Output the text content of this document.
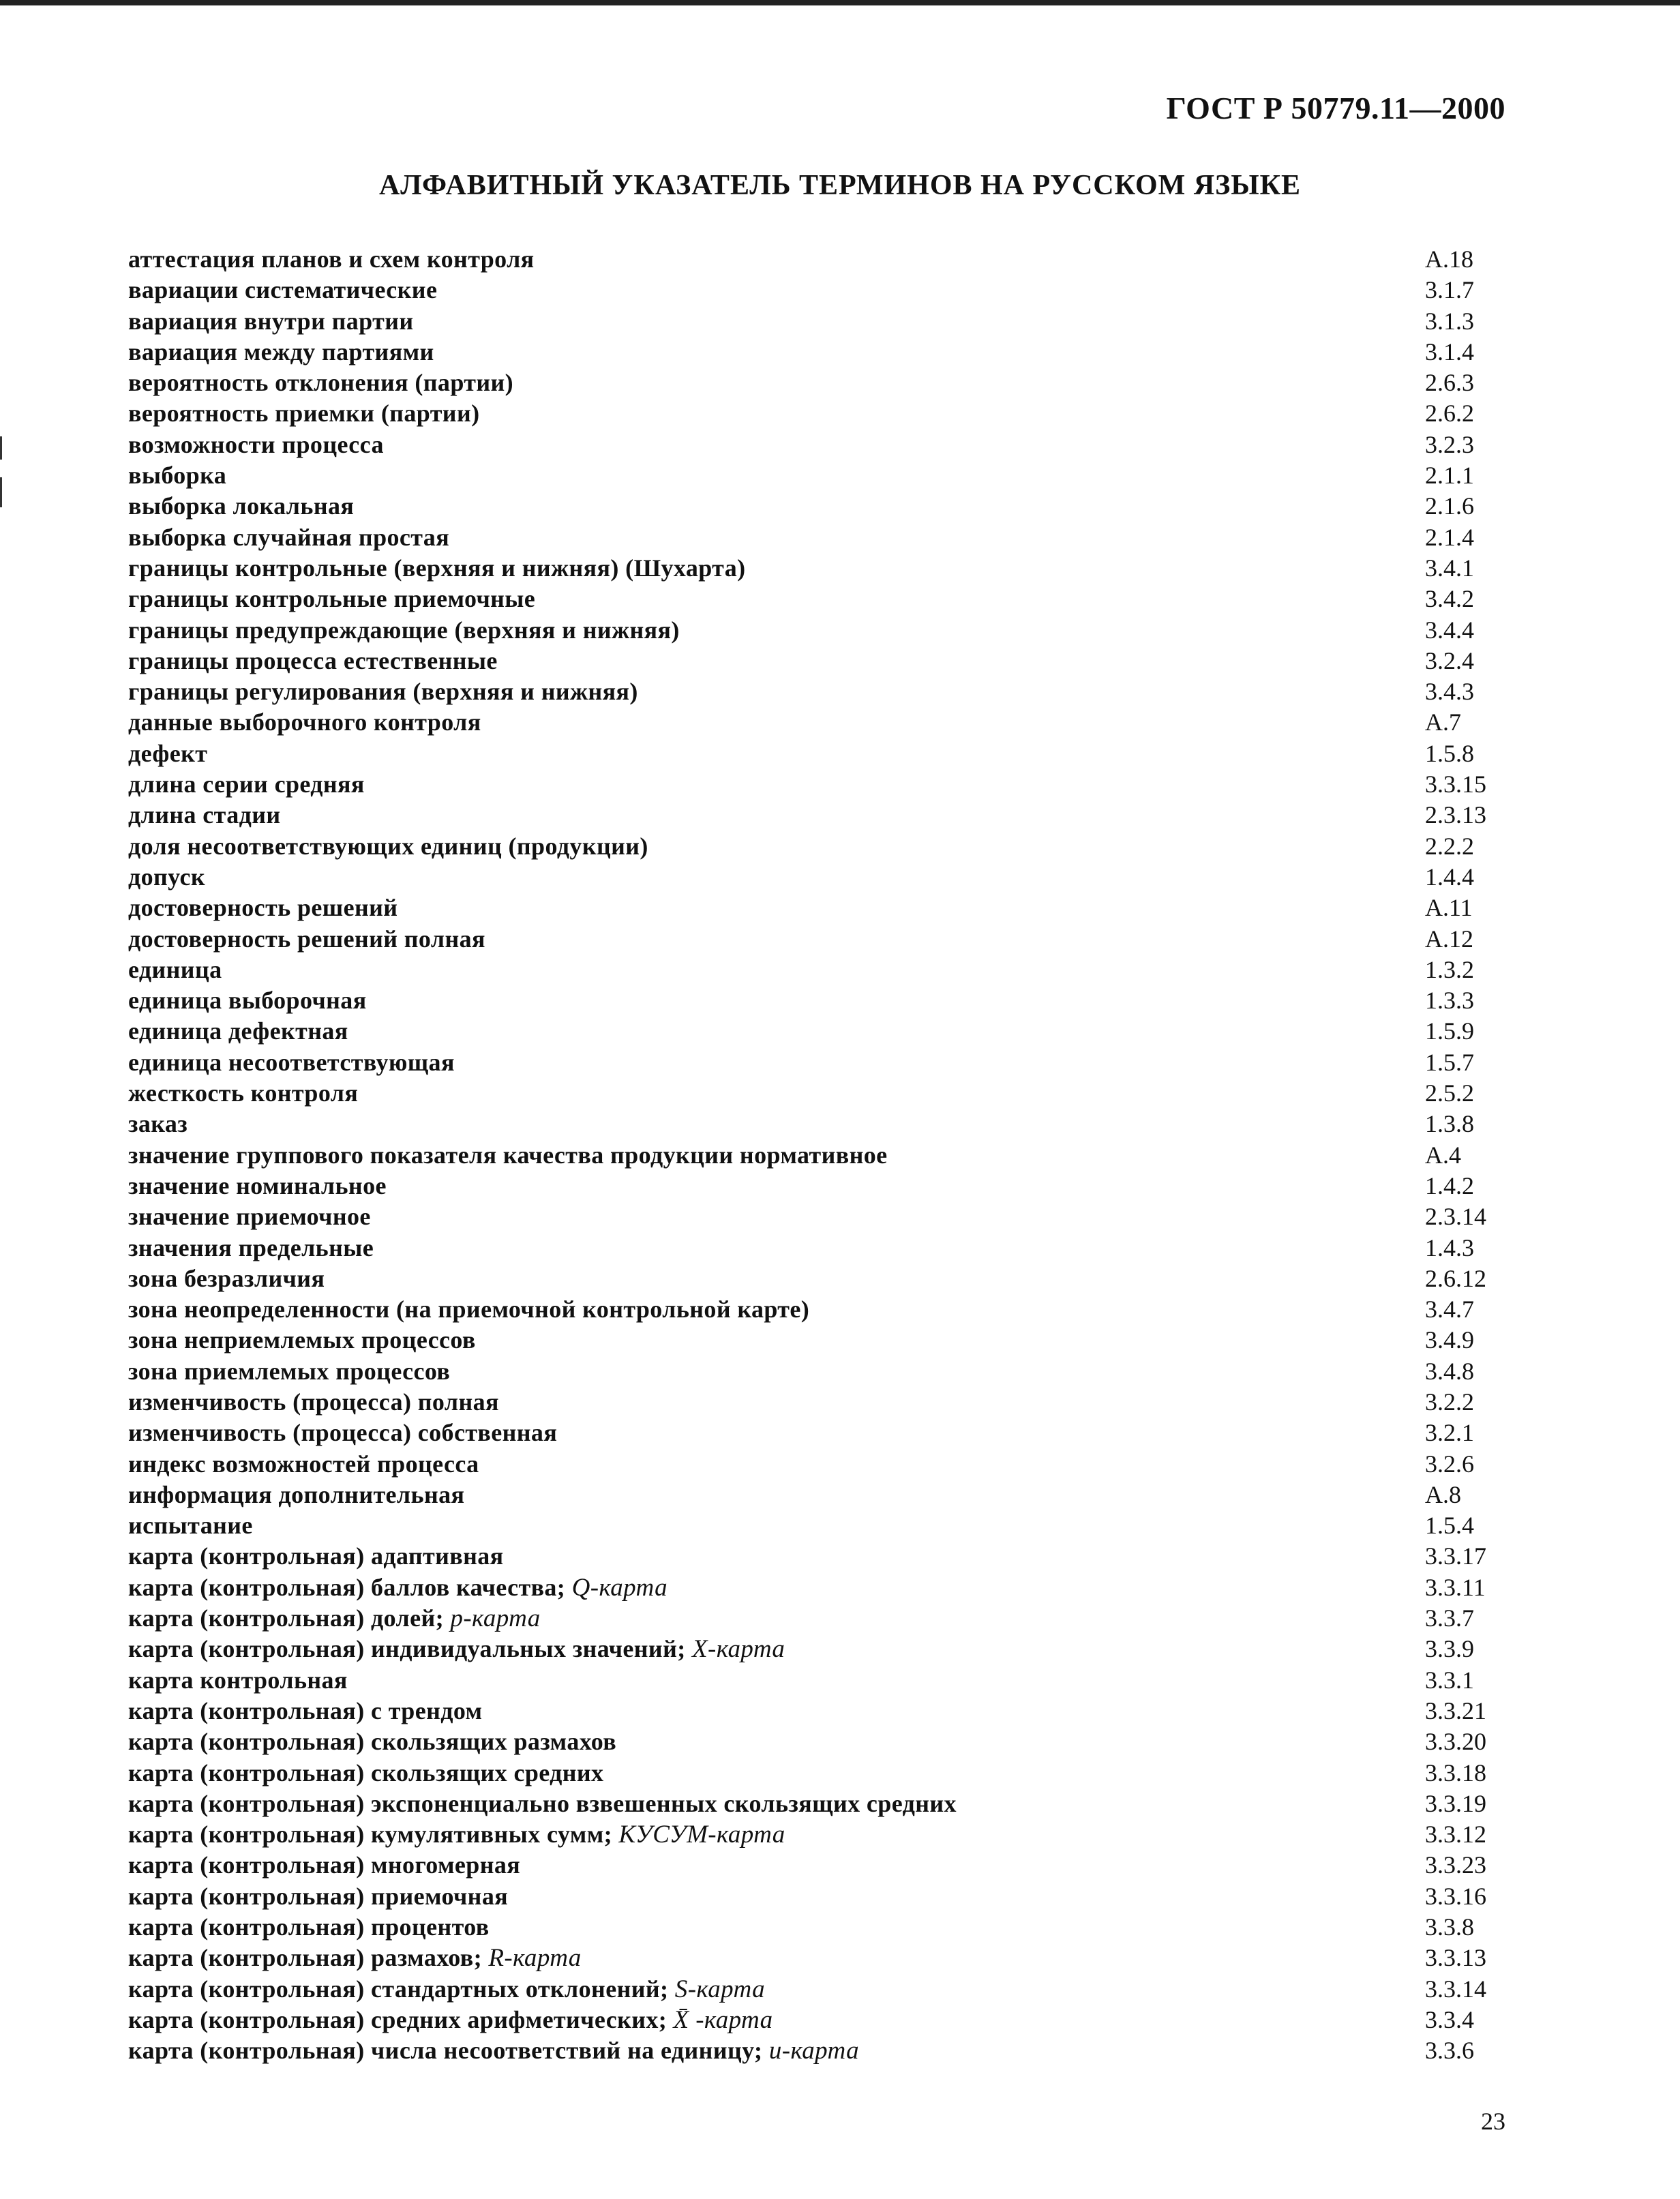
ГОСТ Р 50779.11—2000
АЛФАВИТНЫЙ УКАЗАТЕЛЬ ТЕРМИНОВ НА РУССКОМ ЯЗЫКЕ
аттестация планов и схем контроля	А.18
вариации систематические	3.1.7
вариация внутри партии	3.1.3
вариация между партиями	3.1.4
вероятность отклонения (партии)	2.6.3
вероятность приемки (партии)	2.6.2
возможности процесса	3.2.3
выборка	2.1.1
выборка локальная	2.1.6
выборка случайная простая	2.1.4
границы контрольные (верхняя и нижняя) (Шухарта)	3.4.1
границы контрольные приемочные	3.4.2
границы предупреждающие (верхняя и нижняя)	3.4.4
границы процесса естественные	3.2.4
границы регулирования (верхняя и нижняя)	3.4.3
данные выборочного контроля	А.7
дефект	1.5.8
длина серии средняя	3.3.15
длина стадии	2.3.13
доля несоответствующих единиц (продукции)	2.2.2
допуск	1.4.4
достоверность решений	А.11
достоверность решений полная	А.12
единица	1.3.2
единица выборочная	1.3.3
единица дефектная	1.5.9
единица несоответствующая	1.5.7
жесткость контроля	2.5.2
заказ	1.3.8
значение группового показателя качества продукции нормативное	А.4
значение номинальное	1.4.2
значение приемочное	2.3.14
значения предельные	1.4.3
зона безразличия	2.6.12
зона неопределенности (на приемочной контрольной карте)	3.4.7
зона неприемлемых процессов	3.4.9
зона приемлемых процессов	3.4.8
изменчивость (процесса) полная	3.2.2
изменчивость (процесса) собственная	3.2.1
индекс возможностей процесса	3.2.6
информация дополнительная	А.8
испытание	1.5.4
карта (контрольная) адаптивная	3.3.17
карта (контрольная) баллов качества; Q-карта	3.3.11
карта (контрольная) долей; p-карта	3.3.7
карта (контрольная) индивидуальных значений; X-карта	3.3.9
карта контрольная	3.3.1
карта (контрольная) с трендом	3.3.21
карта (контрольная) скользящих размахов	3.3.20
карта (контрольная) скользящих средних	3.3.18
карта (контрольная) экспоненциально взвешенных скользящих средних	3.3.19
карта (контрольная) кумулятивных сумм; КУСУМ-карта	3.3.12
карта (контрольная) многомерная	3.3.23
карта (контрольная) приемочная	3.3.16
карта (контрольная) процентов	3.3.8
карта (контрольная) размахов; R-карта	3.3.13
карта (контрольная) стандартных отклонений; S-карта	3.3.14
карта (контрольная) средних арифметических; X̄ -карта	3.3.4
карта (контрольная) числа несоответствий на единицу; u-карта	3.3.6
23
